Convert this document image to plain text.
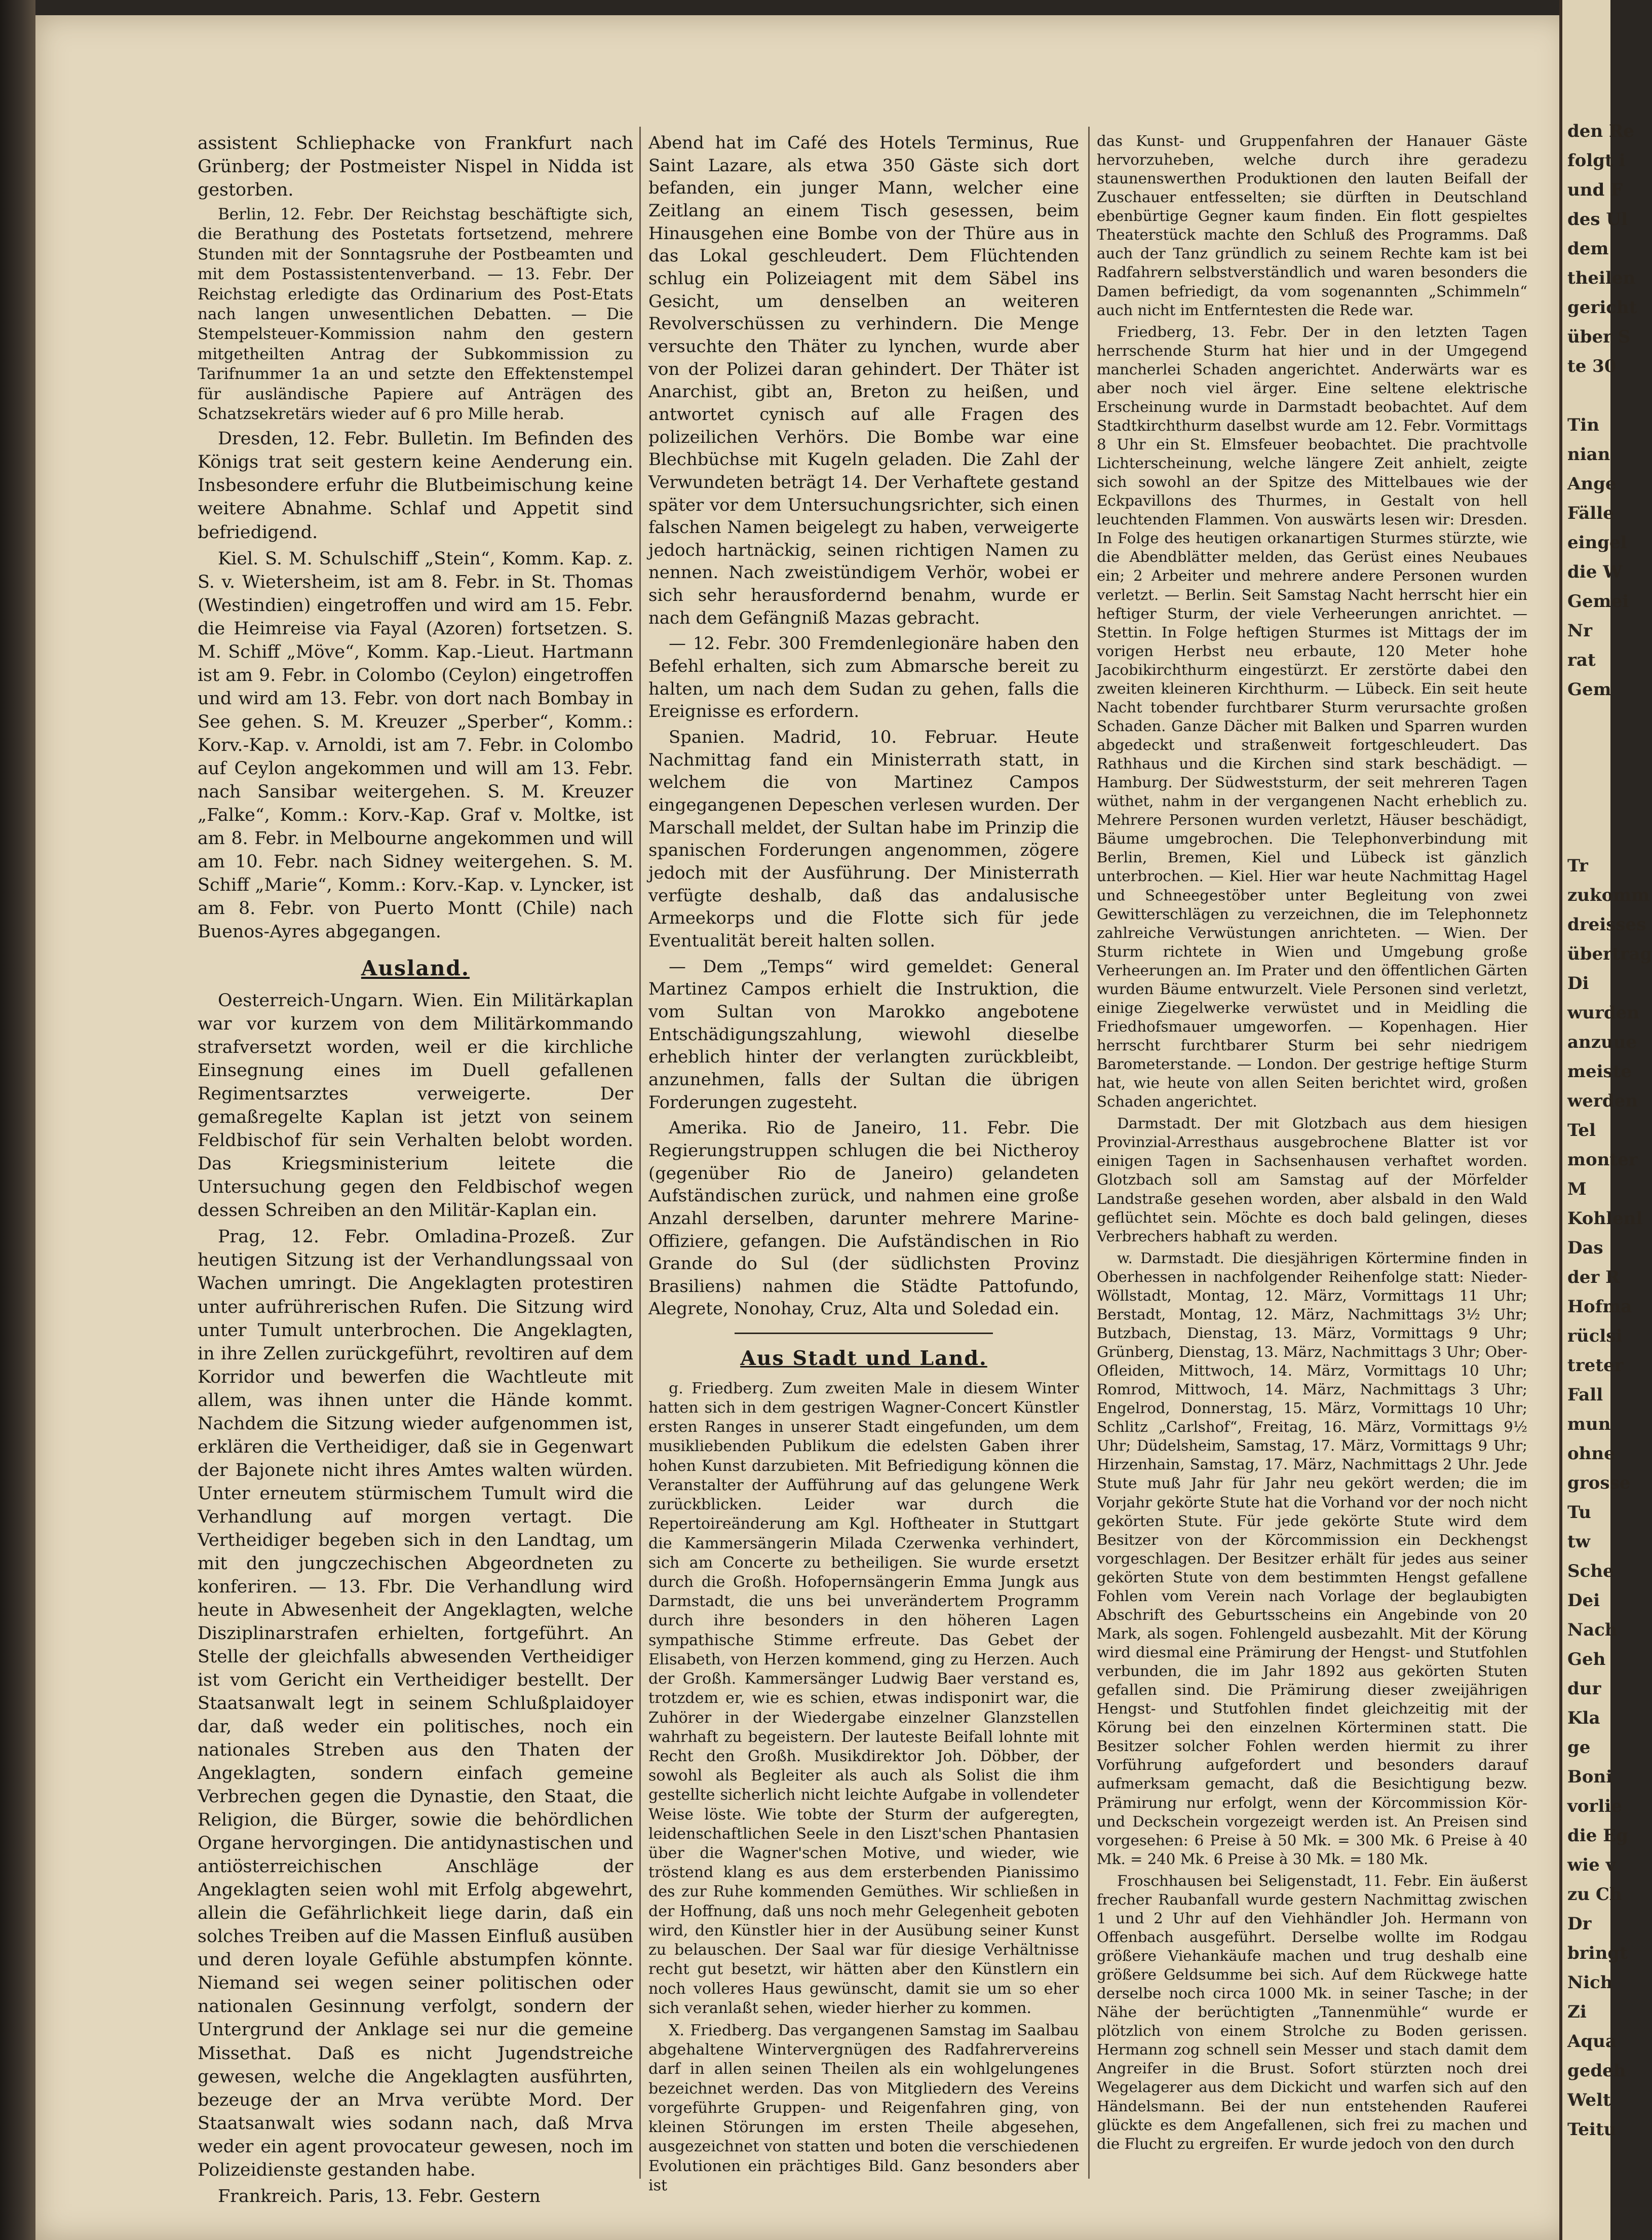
assistent Schliephacke von Frankfurt nach Grünberg; der Postmeister Nispel in Nidda ist gestorben.

Berlin, 12. Febr. Der Reichstag beschäftigte sich, die Berathung des Postetats fortsetzend, mehrere Stunden mit der Sonntagsruhe der Postbeamten und mit dem Postassistentenverband. — 13. Febr. Der Reichstag erledigte das Ordinarium des Post-Etats nach langen unwesentlichen Debatten. — Die Stempelsteuer-Kommission nahm den gestern mitgetheilten Antrag der Subkommission zu Tarifnummer 1a an und setzte den Effektenstempel für ausländische Papiere auf Anträgen des Schatzsekretärs wieder auf 6 pro Mille herab.

Dresden, 12. Febr. Bulletin. Im Befinden des Königs trat seit gestern keine Aenderung ein. Insbesondere erfuhr die Blutbeimischung keine weitere Abnahme. Schlaf und Appetit sind befriedigend.

Kiel. S. M. Schulschiff „Stein“, Komm. Kap. z. S. v. Wietersheim, ist am 8. Febr. in St. Thomas (Westindien) eingetroffen und wird am 15. Febr. die Heimreise via Fayal (Azoren) fortsetzen. S. M. Schiff „Möve“, Komm. Kap.-Lieut. Hartmann ist am 9. Febr. in Colombo (Ceylon) eingetroffen und wird am 13. Febr. von dort nach Bombay in See gehen. S. M. Kreuzer „Sperber“, Komm.: Korv.-Kap. v. Arnoldi, ist am 7. Febr. in Colombo auf Ceylon angekommen und will am 13. Febr. nach Sansibar weitergehen. S. M. Kreuzer „Falke“, Komm.: Korv.-Kap. Graf v. Moltke, ist am 8. Febr. in Melbourne angekommen und will am 10. Febr. nach Sidney weitergehen. S. M. Schiff „Marie“, Komm.: Korv.-Kap. v. Lyncker, ist am 8. Febr. von Puerto Montt (Chile) nach Buenos-Ayres abgegangen.

Ausland.

Oesterreich-Ungarn. Wien. Ein Militärkaplan war vor kurzem von dem Militärkommando strafversetzt worden, weil er die kirchliche Einsegnung eines im Duell gefallenen Regimentsarztes verweigerte. Der gemaßregelte Kaplan ist jetzt von seinem Feldbischof für sein Verhalten belobt worden. Das Kriegsministerium leitete die Untersuchung gegen den Feldbischof wegen dessen Schreiben an den Militär-Kaplan ein.

Prag, 12. Febr. Omladina-Prozeß. Zur heutigen Sitzung ist der Verhandlungssaal von Wachen umringt. Die Angeklagten protestiren unter aufrührerischen Rufen. Die Sitzung wird unter Tumult unterbrochen. Die Angeklagten, in ihre Zellen zurückgeführt, revoltiren auf dem Korridor und bewerfen die Wachtleute mit allem, was ihnen unter die Hände kommt. Nachdem die Sitzung wieder aufgenommen ist, erklären die Vertheidiger, daß sie in Gegenwart der Bajonete nicht ihres Amtes walten würden. Unter erneutem stürmischem Tumult wird die Verhandlung auf morgen vertagt. Die Vertheidiger begeben sich in den Landtag, um mit den jungczechischen Abgeordneten zu konferiren. — 13. Fbr. Die Verhandlung wird heute in Abwesenheit der Angeklagten, welche Disziplinarstrafen erhielten, fortgeführt. An Stelle der gleichfalls abwesenden Vertheidiger ist vom Gericht ein Vertheidiger bestellt. Der Staatsanwalt legt in seinem Schlußplaidoyer dar, daß weder ein politisches, noch ein nationales Streben aus den Thaten der Angeklagten, sondern einfach gemeine Verbrechen gegen die Dynastie, den Staat, die Religion, die Bürger, sowie die behördlichen Organe hervorgingen. Die antidynastischen und antiösterreichischen Anschläge der Angeklagten seien wohl mit Erfolg abgewehrt, allein die Gefährlichkeit liege darin, daß ein solches Treiben auf die Massen Einfluß ausüben und deren loyale Gefühle abstumpfen könnte. Niemand sei wegen seiner politischen oder nationalen Gesinnung verfolgt, sondern der Untergrund der Anklage sei nur die gemeine Missethat. Daß es nicht Jugendstreiche gewesen, welche die Angeklagten ausführten, bezeuge der an Mrva verübte Mord. Der Staatsanwalt wies sodann nach, daß Mrva weder ein agent provocateur gewesen, noch im Polizeidienste gestanden habe.

Frankreich. Paris, 13. Febr. Gestern

Abend hat im Café des Hotels Terminus, Rue Saint Lazare, als etwa 350 Gäste sich dort befanden, ein junger Mann, welcher eine Zeitlang an einem Tisch gesessen, beim Hinausgehen eine Bombe von der Thüre aus in das Lokal geschleudert. Dem Flüchtenden schlug ein Polizeiagent mit dem Säbel ins Gesicht, um denselben an weiteren Revolverschüssen zu verhindern. Die Menge versuchte den Thäter zu lynchen, wurde aber von der Polizei daran gehindert. Der Thäter ist Anarchist, gibt an, Breton zu heißen, und antwortet cynisch auf alle Fragen des polizeilichen Verhörs. Die Bombe war eine Blechbüchse mit Kugeln geladen. Die Zahl der Verwundeten beträgt 14. Der Verhaftete gestand später vor dem Untersuchungsrichter, sich einen falschen Namen beigelegt zu haben, verweigerte jedoch hartnäckig, seinen richtigen Namen zu nennen. Nach zweistündigem Verhör, wobei er sich sehr herausfordernd benahm, wurde er nach dem Gefängniß Mazas gebracht.

— 12. Febr. 300 Fremdenlegionäre haben den Befehl erhalten, sich zum Abmarsche bereit zu halten, um nach dem Sudan zu gehen, falls die Ereignisse es erfordern.

Spanien. Madrid, 10. Februar. Heute Nachmittag fand ein Ministerrath statt, in welchem die von Martinez Campos eingegangenen Depeschen verlesen wurden. Der Marschall meldet, der Sultan habe im Prinzip die spanischen Forderungen angenommen, zögere jedoch mit der Ausführung. Der Ministerrath verfügte deshalb, daß das andalusische Armeekorps und die Flotte sich für jede Eventualität bereit halten sollen.

— Dem „Temps“ wird gemeldet: General Martinez Campos erhielt die Instruktion, die vom Sultan von Marokko angebotene Entschädigungszahlung, wiewohl dieselbe erheblich hinter der verlangten zurückbleibt, anzunehmen, falls der Sultan die übrigen Forderungen zugesteht.

Amerika. Rio de Janeiro, 11. Febr. Die Regierungstruppen schlugen die bei Nictheroy (gegenüber Rio de Janeiro) gelandeten Aufständischen zurück, und nahmen eine große Anzahl derselben, darunter mehrere Marine-Offiziere, gefangen. Die Aufständischen in Rio Grande do Sul (der südlichsten Provinz Brasiliens) nahmen die Städte Pattofundo, Alegrete, Nonohay, Cruz, Alta und Soledad ein.

Aus Stadt und Land.

g. Friedberg. Zum zweiten Male in diesem Winter hatten sich in dem gestrigen Wagner-Concert Künstler ersten Ranges in unserer Stadt eingefunden, um dem musikliebenden Publikum die edelsten Gaben ihrer hohen Kunst darzubieten. Mit Befriedigung können die Veranstalter der Aufführung auf das gelungene Werk zurückblicken. Leider war durch die Repertoireänderung am Kgl. Hoftheater in Stuttgart die Kammersängerin Milada Czerwenka verhindert, sich am Concerte zu betheiligen. Sie wurde ersetzt durch die Großh. Hofopernsängerin Emma Jungk aus Darmstadt, die uns bei unverändertem Programm durch ihre besonders in den höheren Lagen sympathische Stimme erfreute. Das Gebet der Elisabeth, von Herzen kommend, ging zu Herzen. Auch der Großh. Kammersänger Ludwig Baer verstand es, trotzdem er, wie es schien, etwas indisponirt war, die Zuhörer in der Wiedergabe einzelner Glanzstellen wahrhaft zu begeistern. Der lauteste Beifall lohnte mit Recht den Großh. Musikdirektor Joh. Döbber, der sowohl als Begleiter als auch als Solist die ihm gestellte sicherlich nicht leichte Aufgabe in vollendeter Weise löste. Wie tobte der Sturm der aufgeregten, leidenschaftlichen Seele in den Liszt'schen Phantasien über die Wagner'schen Motive, und wieder, wie tröstend klang es aus dem ersterbenden Pianissimo des zur Ruhe kommenden Gemüthes. Wir schließen in der Hoffnung, daß uns noch mehr Gelegenheit geboten wird, den Künstler hier in der Ausübung seiner Kunst zu belauschen. Der Saal war für diesige Verhältnisse recht gut besetzt, wir hätten aber den Künstlern ein noch volleres Haus gewünscht, damit sie um so eher sich veranlaßt sehen, wieder hierher zu kommen.

X. Friedberg. Das vergangenen Samstag im Saalbau abgehaltene Wintervergnügen des Radfahrervereins darf in allen seinen Theilen als ein wohlgelungenes bezeichnet werden. Das von Mitgliedern des Vereins vorgeführte Gruppen- und Reigenfahren ging, von kleinen Störungen im ersten Theile abgesehen, ausgezeichnet von statten und boten die verschiedenen Evolutionen ein prächtiges Bild. Ganz besonders aber ist

das Kunst- und Gruppenfahren der Hanauer Gäste hervorzuheben, welche durch ihre geradezu staunenswerthen Produktionen den lauten Beifall der Zuschauer entfesselten; sie dürften in Deutschland ebenbürtige Gegner kaum finden. Ein flott gespieltes Theaterstück machte den Schluß des Programms. Daß auch der Tanz gründlich zu seinem Rechte kam ist bei Radfahrern selbstverständlich und waren besonders die Damen befriedigt, da vom sogenannten „Schimmeln“ auch nicht im Entferntesten die Rede war.

Friedberg, 13. Febr. Der in den letzten Tagen herrschende Sturm hat hier und in der Umgegend mancherlei Schaden angerichtet. Anderwärts war es aber noch viel ärger. Eine seltene elektrische Erscheinung wurde in Darmstadt beobachtet. Auf dem Stadtkirchthurm daselbst wurde am 12. Febr. Vormittags 8 Uhr ein St. Elmsfeuer beobachtet. Die prachtvolle Lichterscheinung, welche längere Zeit anhielt, zeigte sich sowohl an der Spitze des Mittelbaues wie der Eckpavillons des Thurmes, in Gestalt von hell leuchtenden Flammen. Von auswärts lesen wir: Dresden. In Folge des heutigen orkanartigen Sturmes stürzte, wie die Abendblätter melden, das Gerüst eines Neubaues ein; 2 Arbeiter und mehrere andere Personen wurden verletzt. — Berlin. Seit Samstag Nacht herrscht hier ein heftiger Sturm, der viele Verheerungen anrichtet. — Stettin. In Folge heftigen Sturmes ist Mittags der im vorigen Herbst neu erbaute, 120 Meter hohe Jacobikirchthurm eingestürzt. Er zerstörte dabei den zweiten kleineren Kirchthurm. — Lübeck. Ein seit heute Nacht tobender furchtbarer Sturm verursachte großen Schaden. Ganze Dächer mit Balken und Sparren wurden abgedeckt und straßenweit fortgeschleudert. Das Rathhaus und die Kirchen sind stark beschädigt. — Hamburg. Der Südweststurm, der seit mehreren Tagen wüthet, nahm in der vergangenen Nacht erheblich zu. Mehrere Personen wurden verletzt, Häuser beschädigt, Bäume umgebrochen. Die Telephonverbindung mit Berlin, Bremen, Kiel und Lübeck ist gänzlich unterbrochen. — Kiel. Hier war heute Nachmittag Hagel und Schneegestöber unter Begleitung von zwei Gewitterschlägen zu verzeichnen, die im Telephonnetz zahlreiche Verwüstungen anrichteten. — Wien. Der Sturm richtete in Wien und Umgebung große Verheerungen an. Im Prater und den öffentlichen Gärten wurden Bäume entwurzelt. Viele Personen sind verletzt, einige Ziegelwerke verwüstet und in Meidling die Friedhofsmauer umgeworfen. — Kopenhagen. Hier herrscht furchtbarer Sturm bei sehr niedrigem Barometerstande. — London. Der gestrige heftige Sturm hat, wie heute von allen Seiten berichtet wird, großen Schaden angerichtet.

Darmstadt. Der mit Glotzbach aus dem hiesigen Provinzial-Arresthaus ausgebrochene Blatter ist vor einigen Tagen in Sachsenhausen verhaftet worden. Glotzbach soll am Samstag auf der Mörfelder Landstraße gesehen worden, aber alsbald in den Wald geflüchtet sein. Möchte es doch bald gelingen, dieses Verbrechers habhaft zu werden.

w. Darmstadt. Die diesjährigen Körtermine finden in Oberhessen in nachfolgender Reihenfolge statt: Nieder-Wöllstadt, Montag, 12. März, Vormittags 11 Uhr; Berstadt, Montag, 12. März, Nachmittags 3½ Uhr; Butzbach, Dienstag, 13. März, Vormittags 9 Uhr; Grünberg, Dienstag, 13. März, Nachmittags 3 Uhr; Ober-Ofleiden, Mittwoch, 14. März, Vormittags 10 Uhr; Romrod, Mittwoch, 14. März, Nachmittags 3 Uhr; Engelrod, Donnerstag, 15. März, Vormittags 10 Uhr; Schlitz „Carlshof“, Freitag, 16. März, Vormittags 9½ Uhr; Düdelsheim, Samstag, 17. März, Vormittags 9 Uhr; Hirzenhain, Samstag, 17. März, Nachmittags 2 Uhr. Jede Stute muß Jahr für Jahr neu gekört werden; die im Vorjahr gekörte Stute hat die Vorhand vor der noch nicht gekörten Stute. Für jede gekörte Stute wird dem Besitzer von der Körcommission ein Deckhengst vorgeschlagen. Der Besitzer erhält für jedes aus seiner gekörten Stute von dem bestimmten Hengst gefallene Fohlen vom Verein nach Vorlage der beglaubigten Abschrift des Geburtsscheins ein Angebinde von 20 Mark, als sogen. Fohlengeld ausbezahlt. Mit der Körung wird diesmal eine Prämirung der Hengst- und Stutfohlen verbunden, die im Jahr 1892 aus gekörten Stuten gefallen sind. Die Prämirung dieser zweijährigen Hengst- und Stutfohlen findet gleichzeitig mit der Körung bei den einzelnen Körterminen statt. Die Besitzer solcher Fohlen werden hiermit zu ihrer Vorführung aufgefordert und besonders darauf aufmerksam gemacht, daß die Besichtigung bezw. Prämirung nur erfolgt, wenn der Körcommission Kör- und Deckschein vorgezeigt werden ist. An Preisen sind vorgesehen: 6 Preise à 50 Mk. = 300 Mk. 6 Preise à 40 Mk. = 240 Mk. 6 Preise à 30 Mk. = 180 Mk.

Froschhausen bei Seligenstadt, 11. Febr. Ein äußerst frecher Raubanfall wurde gestern Nachmittag zwischen 1 und 2 Uhr auf den Viehhändler Joh. Hermann von Offenbach ausgeführt. Derselbe wollte im Rodgau größere Viehankäufe machen und trug deshalb eine größere Geldsumme bei sich. Auf dem Rückwege hatte derselbe noch circa 1000 Mk. in seiner Tasche; in der Nähe der berüchtigten „Tannenmühle“ wurde er plötzlich von einem Strolche zu Boden gerissen. Hermann zog schnell sein Messer und stach damit dem Angreifer in die Brust. Sofort stürzten noch drei Wegelagerer aus dem Dickicht und warfen sich auf den Händelsmann. Bei der nun entstehenden Rauferei glückte es dem Angefallenen, sich frei zu machen und die Flucht zu ergreifen. Er wurde jedoch von den durch

den Re
folgt i
und F
des Ul
dem
theilen
gericht
über S
te 30

Tin
nian
Ange
Fälle
eingel
die W
Gemei
Nr
rat
Gem

Tr
zukomm
dreisses
übertrag
Di
wurden
anzuue
meiste
werden
Tel
monter
M
Kohlenl
Das
der R
Hofma
rüclsi
treter
Fall
mun
ohne
grosse
Tu
tw
Sche
Dei
Nach
Geh
dur
Kla
ge
Boni
vorlie
die Eg
wie v
zu Ch
Dr
bringt
Nich
Zi
Aqua
gedeh
Welt
Teitu
